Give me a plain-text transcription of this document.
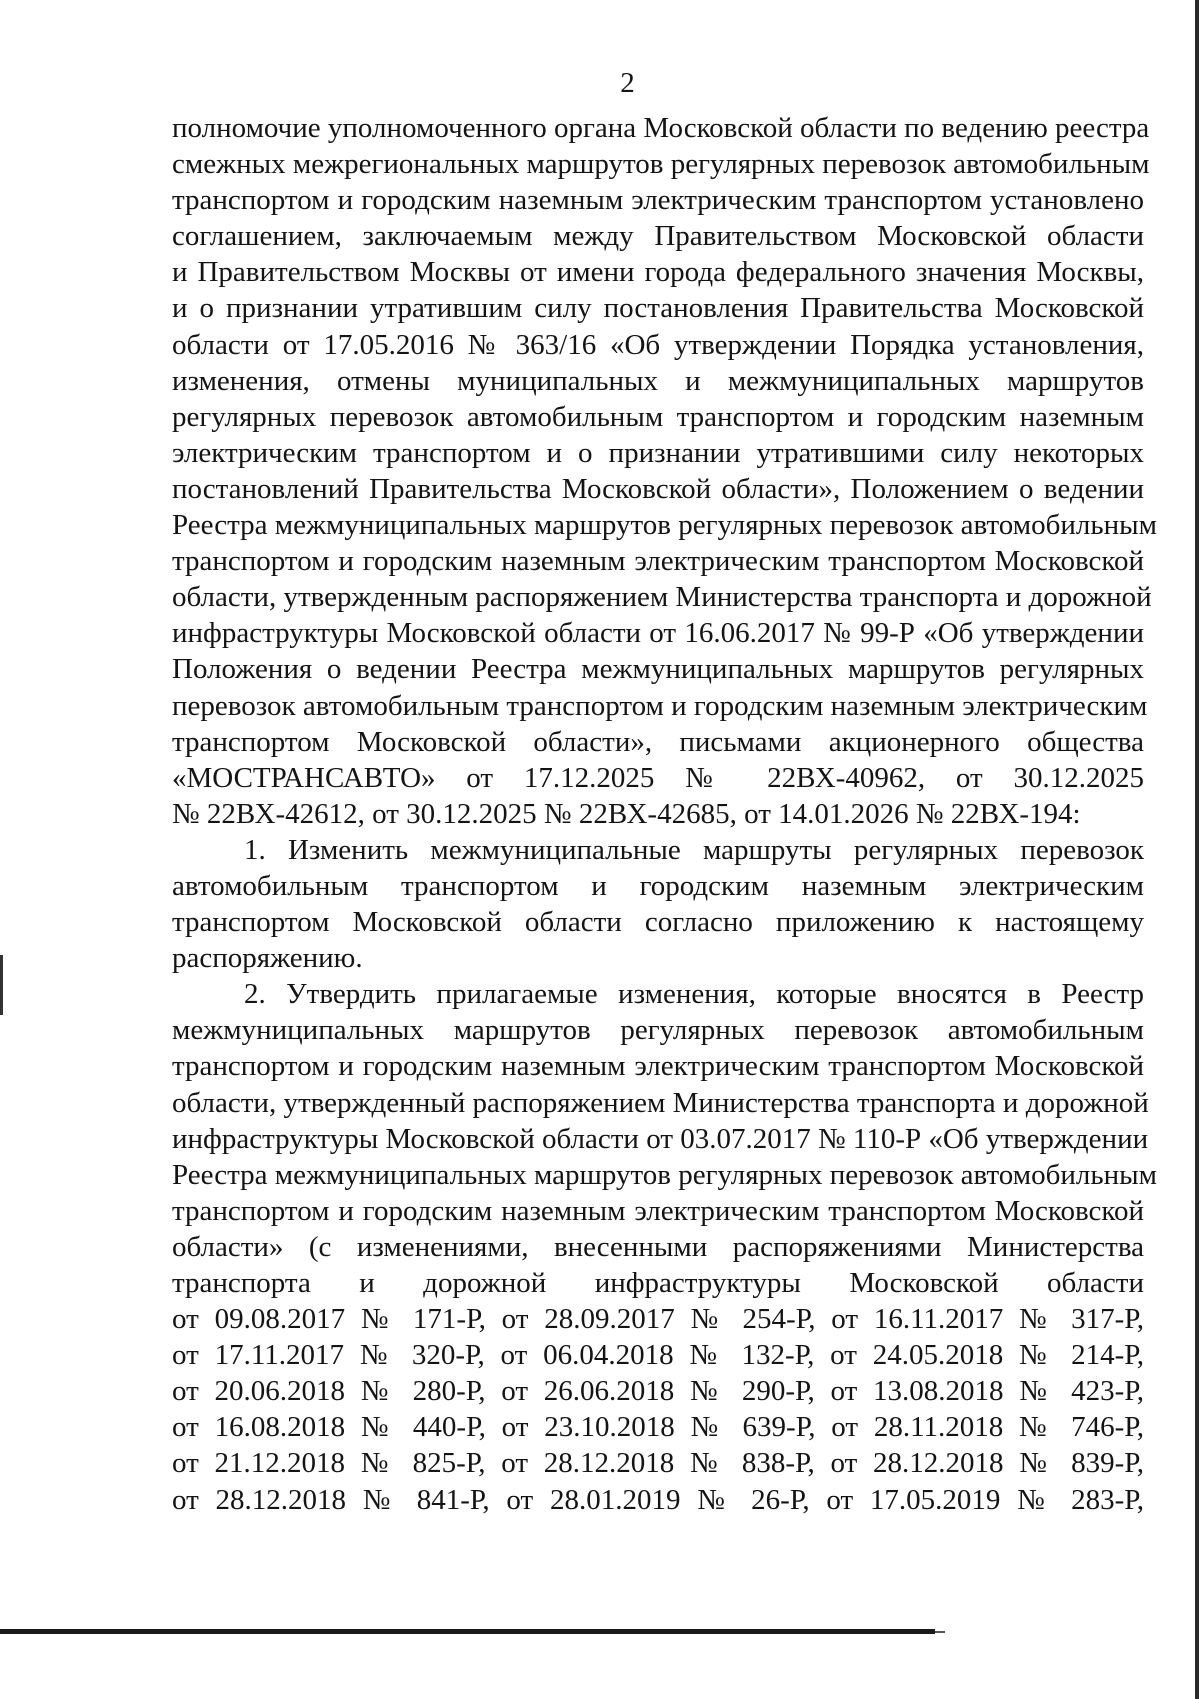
2
полномочие уполномоченного органа Московской области по ведению реестра
смежных межрегиональных маршрутов регулярных перевозок автомобильным
транспортом и городским наземным электрическим транспортом установлено
соглашением, заключаемым между Правительством Московской области
и Правительством Москвы от имени города федерального значения Москвы,
и о признании утратившим силу постановления Правительства Московской
области от 17.05.2016 № 363/16 «Об утверждении Порядка установления,
изменения, отмены муниципальных и межмуниципальных маршрутов
регулярных перевозок автомобильным транспортом и городским наземным
электрическим транспортом и о признании утратившими силу некоторых
постановлений Правительства Московской области», Положением о ведении
Реестра межмуниципальных маршрутов регулярных перевозок автомобильным
транспортом и городским наземным электрическим транспортом Московской
области, утвержденным распоряжением Министерства транспорта и дорожной
инфраструктуры Московской области от 16.06.2017 № 99-Р «Об утверждении
Положения о ведении Реестра межмуниципальных маршрутов регулярных
перевозок автомобильным транспортом и городским наземным электрическим
транспортом Московской области», письмами акционерного общества
«МОСТРАНСАВТО» от 17.12.2025 № 22ВХ-40962, от 30.12.2025
№ 22ВХ-42612, от 30.12.2025 № 22ВХ-42685, от 14.01.2026 № 22ВХ-194:
1. Изменить межмуниципальные маршруты регулярных перевозок
автомобильным транспортом и городским наземным электрическим
транспортом Московской области согласно приложению к настоящему
распоряжению.
2. Утвердить прилагаемые изменения, которые вносятся в Реестр
межмуниципальных маршрутов регулярных перевозок автомобильным
транспортом и городским наземным электрическим транспортом Московской
области, утвержденный распоряжением Министерства транспорта и дорожной
инфраструктуры Московской области от 03.07.2017 № 110-Р «Об утверждении
Реестра межмуниципальных маршрутов регулярных перевозок автомобильным
транспортом и городским наземным электрическим транспортом Московской
области» (с изменениями, внесенными распоряжениями Министерства
транспорта и дорожной инфраструктуры Московской области
от 09.08.2017 № 171-Р, от 28.09.2017 № 254-Р, от 16.11.2017 № 317-Р,
от 17.11.2017 № 320-Р, от 06.04.2018 № 132-Р, от 24.05.2018 № 214-Р,
от 20.06.2018 № 280-Р, от 26.06.2018 № 290-Р, от 13.08.2018 № 423-Р,
от 16.08.2018 № 440-Р, от 23.10.2018 № 639-Р, от 28.11.2018 № 746-Р,
от 21.12.2018 № 825-Р, от 28.12.2018 № 838-Р, от 28.12.2018 № 839-Р,
от 28.12.2018 № 841-Р, от 28.01.2019 № 26-Р, от 17.05.2019 № 283-Р,
